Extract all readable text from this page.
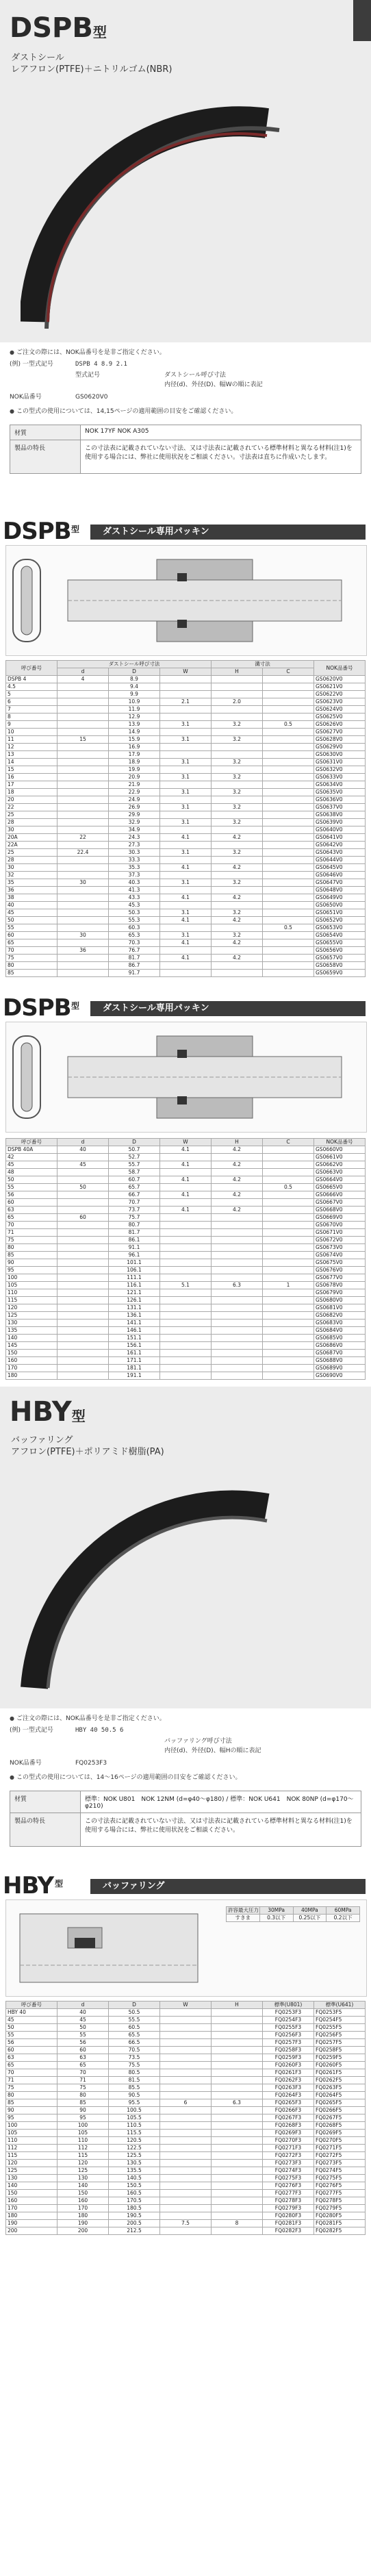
DSPB型
ダストシール
レアフロン(PTFE)＋ニトリルゴム(NBR)
● ご注文の際には、NOK品番号を是非ご指定ください。
(例) 一型式記号	DSPB 4 8.9 2.1
型式記号	ダストシール呼び寸法
内径(d)、外径(D)、幅Wの順に表記
NOK品番号	GS0620V0
● この型式の使用については、14,15ページの適用範囲の目安をご確認ください。
材質	NOK 17YF NOK A305
製品の特長	この寸法表に記載されていない寸法、又は寸法表に記載されている標準材料と異なる材料(注1)を使用する場合には、弊社に使用状況をご相談ください。寸法表は直ちに作成いたします。
DSPB 型	ダストシール専用パッキン
呼び番号	ダストシール呼び寸法			溝寸法		NOK品番号
	d	D	W	H	C	
DSPB 4	4	8.9				GS0620V0
4.5		9.4				GS0621V0
5		9.9				GS0622V0
6		10.9	2.1	2.0		GS0623V0
7		11.9				GS0624V0
8		12.9				GS0625V0
9		13.9	3.1	3.2	0.5	GS0626V0
10		14.9				GS0627V0
11	15	15.9	3.1	3.2		GS0628V0
12		16.9				GS0629V0
13		17.9				GS0630V0
14		18.9	3.1	3.2		GS0631V0
15		19.9				GS0632V0
16		20.9	3.1	3.2		GS0633V0
17		21.9				GS0634V0
18		22.9	3.1	3.2		GS0635V0
20		24.9				GS0636V0
22		26.9	3.1	3.2		GS0637V0
25		29.9				GS0638V0
28		32.9	3.1	3.2		GS0639V0
30		34.9				GS0640V0
20A	22	24.3	4.1	4.2		GS0641V0
22A		27.3				GS0642V0
25	22.4	30.3	3.1	3.2		GS0643V0
28		33.3				GS0644V0
30		35.3	4.1	4.2		GS0645V0
32		37.3				GS0646V0
35	30	40.3	3.1	3.2		GS0647V0
36		41.3				GS0648V0
38		43.3	4.1	4.2		GS0649V0
40		45.3				GS0650V0
45		50.3	3.1	3.2		GS0651V0
50		55.3	4.1	4.2		GS0652V0
55		60.3			0.5	GS0653V0
60	30	65.3	3.1	3.2		GS0654V0
65		70.3	4.1	4.2		GS0655V0
70	36	76.7				GS0656V0
75		81.7	4.1	4.2		GS0657V0
80		86.7				GS0658V0
85		91.7				GS0659V0
DSPB 型	ダストシール専用パッキン
呼び番号	d	D	W	H	C	NOK品番号
DSPB 40A	40	50.7	4.1	4.2		GS0660V0
42		52.7				GS0661V0
45	45	55.7	4.1	4.2		GS0662V0
48		58.7				GS0663V0
50		60.7	4.1	4.2		GS0664V0
55	50	65.7			0.5	GS0665V0
56		66.7	4.1	4.2		GS0666V0
60		70.7				GS0667V0
63		73.7	4.1	4.2		GS0668V0
65	60	75.7				GS0669V0
70		80.7				GS0670V0
71		81.7				GS0671V0
75		86.1				GS0672V0
80		91.1				GS0673V0
85		96.1				GS0674V0
90		101.1				GS0675V0
95		106.1				GS0676V0
100		111.1				GS0677V0
105		116.1	5.1	6.3	1	GS0678V0
110		121.1				GS0679V0
115		126.1				GS0680V0
120		131.1				GS0681V0
125		136.1				GS0682V0
130		141.1				GS0683V0
135		146.1				GS0684V0
140		151.1				GS0685V0
145		156.1				GS0686V0
150		161.1				GS0687V0
160		171.1				GS0688V0
170		181.1				GS0689V0
180		191.1				GS0690V0
HBY型
バッファリング
アフロン(PTFE)＋ポリアミド樹脂(PA)
● ご注文の際には、NOK品番号を是非ご指定ください。
(例) 一型式記号	HBY 40 50.5 6
バッファリング呼び寸法
内径(d)、外径(D)、幅Hの順に表記
NOK品番号	FQ0253F3
● この型式の使用については、14～16ページの適用範囲の目安をご確認ください。
材質	標準：NOK U801　NOK 12NM (d=φ40～φ180) / 標準：NOK U641　NOK 80NP (d=φ170～φ210)
製品の特長	この寸法表に記載されていない寸法、又は寸法表に記載されている標準材料と異なる材料(注1)を使用する場合には、弊社に使用状況をご相談ください。
HBY 型	バッファリング
許容最大圧力	30MPa	40MPa	60MPa
すきま	0.3以下	0.25以下	0.2以下
呼び番号	d	D	W	H	標準(U801)	標準(U641)
HBY 40	40	50.5			FQ0253F3	FQ0253F5
45	45	55.5			FQ0254F3	FQ0254F5
50	50	60.5			FQ0255F3	FQ0255F5
55	55	65.5			FQ0256F3	FQ0256F5
56	56	66.5			FQ0257F3	FQ0257F5
60	60	70.5			FQ0258F3	FQ0258F5
63	63	73.5			FQ0259F3	FQ0259F5
65	65	75.5			FQ0260F3	FQ0260F5
70	70	80.5			FQ0261F3	FQ0261F5
71	71	81.5			FQ0262F3	FQ0262F5
75	75	85.5			FQ0263F3	FQ0263F5
80	80	90.5			FQ0264F3	FQ0264F5
85	85	95.5	6	6.3	FQ0265F3	FQ0265F5
90	90	100.5			FQ0266F3	FQ0266F5
95	95	105.5			FQ0267F3	FQ0267F5
100	100	110.5			FQ0268F3	FQ0268F5
105	105	115.5			FQ0269F3	FQ0269F5
110	110	120.5			FQ0270F3	FQ0270F5
112	112	122.5			FQ0271F3	FQ0271F5
115	115	125.5			FQ0272F3	FQ0272F5
120	120	130.5			FQ0273F3	FQ0273F5
125	125	135.5			FQ0274F3	FQ0274F5
130	130	140.5			FQ0275F3	FQ0275F5
140	140	150.5			FQ0276F3	FQ0276F5
150	150	160.5			FQ0277F3	FQ0277F5
160	160	170.5			FQ0278F3	FQ0278F5
170	170	180.5			FQ0279F3	FQ0279F5
180	180	190.5			FQ0280F3	FQ0280F5
190	190	200.5	7.5	8	FQ0281F3	FQ0281F5
200	200	212.5			FQ0282F3	FQ0282F5
